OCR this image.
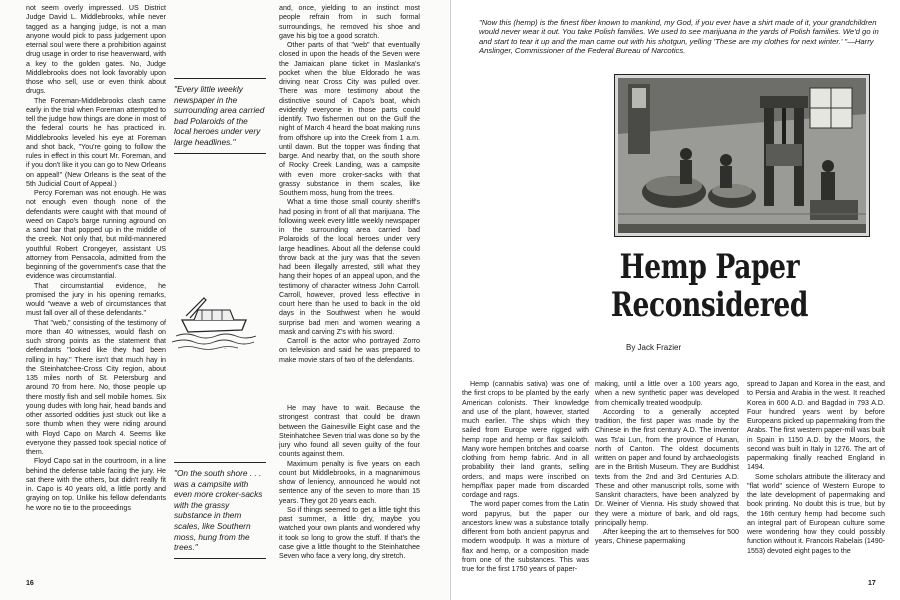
not seem overly impressed. US District Judge David L. Middlebrooks, while never tagged as a hanging judge, is not a man anyone would pick to pass judgement upon eternal soul were there a prohibition against drug usage in order to rise heavenward, with a key to the golden gates. No, Judge Middlebrooks does not look favorably upon those who sell, use or even think about drugs.

The Foreman-Middlebrooks clash came early in the trial when Foreman attempted to tell the judge how things are done in most of the federal courts he has practiced in. Middlebrooks leveled his eye at Foreman and shot back, "You're going to follow the rules in effect in this court Mr. Foreman, and if you don't like it you can go to New Orleans on appeal!" (New Orleans is the seat of the 5th Judicial Court of Appeal.)

Percy Foreman was not enough. He was not enough even though none of the defendants were caught with that mound of weed on Capo's barge running aground on a sand bar that popped up in the middle of the creek. Not only that, but mild-mannered youthful Robert Crongeyer, assistant US attorney from Pensacola, admitted from the beginning of the government's case that the evidence was circumstantial.

That circumstantial evidence, he promised the jury in his opening remarks, would "weave a web of circumstances that must fall over all of these defendants."

That "web," consisting of the testimony of more than 40 witnesses, would flash on such strong points as the statement that defendants "looked like they had been rolling in hay." There isn't that much hay in the Steinhatchee-Cross City region, about 135 miles north of St. Petersburg and around 70 from here. No, those people up there mostly fish and sell mobile homes. Six young dudes with long hair, head bands and other assorted oddities just stuck out like a sore thumb when they were riding around with Floyd Capo on March 4. Seems like everyone they passed took special notice of them.

Floyd Capo sat in the courtroom, in a line behind the defense table facing the jury. He sat there with the others, but didn't really fit in. Capo is 40 years old, a little portly and graying on top. Unlike his fellow defendants he wore no tie to the proceedings

"Every little weekly newspaper in the surrounding area carried bad Polaroids of the local heroes under very large headlines."
~

and, once, yielding to an instinct most people refrain from in such formal surroundings, he removed his shoe and gave his big toe a good scratch.

Other parts of that "web" that eventually closed in upon the heads of the Seven were the Jamaican plane ticket in Maslanka's pocket when the blue Eldorado he was driving near Cross City was pulled over. There was more testimony about the distinctive sound of Capo's boat, which evidently everyone in those parts could identify. Two fishermen out on the Gulf the night of March 4 heard the boat making runs from offshore up into the Creek from 1 a.m. until dawn. But the topper was finding that barge. And nearby that, on the south shore of Rocky Creek Landing, was a campsite with even more croker-sacks with that grassy substance in them scales, like Southern moss, hung from the trees.

What a time those small county sheriff's had posing in front of all that marijuana. The following week every little weekly newspaper in the surrounding area carried bad Polaroids of the local heroes under very large headlines. About all the defense could throw back at the jury was that the seven had been illegally arrested, still what they hang their hopes of an appeal upon, and the testimony of character witness John Carroll. Carroll, however, proved less effective in court here than he used to back in the old days in the Southwest when he would surprise bad men and women wearing a mask and carving Z's with his sword.

Carroll is the actor who portrayed Zorro on television and said he was prepared to make movie stars of two of the defendants.

"On the south shore . . . was a campsite with even more croker-sacks with the grassy substance in them scales, like Southern moss, hung from the trees."

He may have to wait. Because the strongest contrast that could be drawn between the Gainesville Eight case and the Steinhatchee Seven trial was done so by the jury who found all seven guilty of the four counts against them.

Maximum penalty is five years on each count but Middlebrooks, in a magnanimous show of leniency, announced he would not sentence any of the seven to more than 15 years. They got 20 years each.

So if things seemed to get a little tight this past summer, a little dry, maybe you watched your own plants and wondered why it took so long to grow the stuff. If that's the case give a little thought to the Steinhatchee Seven who face a very long, dry stretch.

16
"Now this (hemp) is the finest fiber known to mankind, my God, if you ever have a shirt made of it, your grandchildren would never wear it out. You take Polish families. We used to see marijuana in the yards of Polish families. We'd go in and start to tear it up and the man came out with his shotgun, yelling 'These are my clothes for next winter.' "—Harry Anslinger, Commissioner of the Federal Bureau of Narcotics.
Hemp Paper
Reconsidered
By Jack Frazier

Hemp (cannabis sativa) was one of the first crops to be planted by the early American colonists. Their knowledge and use of the plant, however, started much earlier. The ships which they sailed from Europe were rigged with hemp rope and hemp or flax sailcloth. Many wore hempen britches and coarse clothing from hemp fabric. And in all probability their land grants, selling orders, and maps were inscribed on hemp/flax paper made from discarded cordage and rags.

The word paper comes from the Latin word papyrus, but the paper our ancestors knew was a substance totally different from both ancient papyrus and modern woodpulp. It was a mixture of flax and hemp, or a composition made from one of the substances. This was true for the first 1750 years of paper-

making, until a little over a 100 years ago, when a new synthetic paper was developed from chemically treated woodpulp.

According to a generally accepted tradition, the first paper was made by the Chinese in the first century A.D. The inventor was Ts'ai Lun, from the province of Hunan, north of Canton. The oldest documents written on paper and found by archaeologists are in the British Museum. They are Buddhist texts from the 2nd and 3rd Centuries A.D. These and other manuscript rolls, some with Sanskrit characters, have been analyzed by Dr. Weiner of Vienna. His study showed that they were a mixture of bark, and old rags, principally hemp.

After keeping the art to themselves for 500 years, Chinese papermaking

spread to Japan and Korea in the east, and to Persia and Arabia in the west. It reached Korea in 600 A.D. and Bagdad in 793 A.D. Four hundred years went by before Europeans picked up papermaking from the Arabs. The first western paper-mill was built in Spain in 1150 A.D. by the Moors, the second was built in Italy in 1276. The art of papermaking finally reached England in 1494.

Some scholars attribute the illiteracy and "flat world" science of Western Europe to the late development of papermaking and book printing. No doubt this is true, but by the 16th century hemp had become such an integral part of European culture some were wondering how they could possibly function without it. Francois Rabelais (1490-1553) devoted eight pages to the

17
